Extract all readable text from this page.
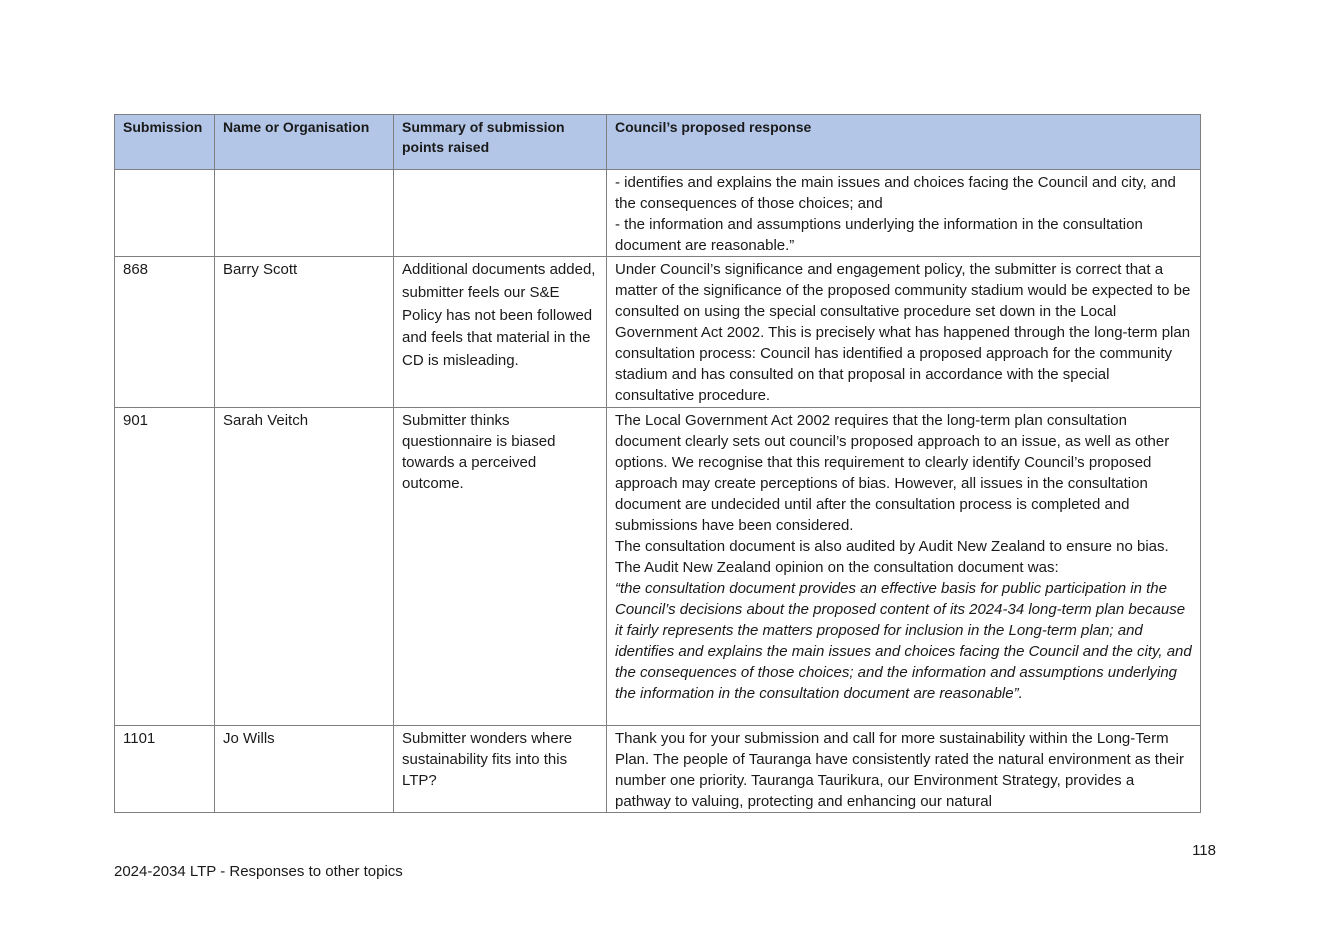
Submission	Name or Organisation	Summary of submission points raised	Council’s proposed response

			- identifies and explains the main issues and choices facing the Council and city, and the consequences of those choices; and

- the information and assumptions underlying the information in the consultation document are reasonable.”

868	Barry Scott	Additional documents added, submitter feels our S&E Policy has not been followed and feels that material in the CD is misleading.	Under Council’s significance and engagement policy, the submitter is correct that a matter of the significance of the proposed community stadium would be expected to be consulted on using the special consultative procedure set down in the Local Government Act 2002. This is precisely what has happened through the long-term plan consultation process: Council has identified a proposed approach for the community stadium and has consulted on that proposal in accordance with the special consultative procedure.

901	Sarah Veitch	Submitter thinks questionnaire is biased towards a perceived outcome.	The Local Government Act 2002 requires that the long-term plan consultation document clearly sets out council’s proposed approach to an issue, as well as other options. We recognise that this requirement to clearly identify Council’s proposed approach may create perceptions of bias. However, all issues in the consultation document are undecided until after the consultation process is completed and submissions have been considered.

The consultation document is also audited by Audit New Zealand to ensure no bias. The Audit New Zealand opinion on the consultation document was:

“the consultation document provides an effective basis for public participation in the Council’s decisions about the proposed content of its 2024-34 long-term plan because it fairly represents the matters proposed for inclusion in the Long-term plan; and identifies and explains the main issues and choices facing the Council and the city, and the consequences of those choices; and the information and assumptions underlying the information in the consultation document are reasonable”.

1101	Jo Wills	Submitter wonders where sustainability fits into this LTP?	Thank you for your submission and call for more sustainability within the Long-Term Plan. The people of Tauranga have consistently rated the natural environment as their number one priority. Tauranga Taurikura, our Environment Strategy, provides a pathway to valuing, protecting and enhancing our natural

118
2024-2034 LTP - Responses to other topics
